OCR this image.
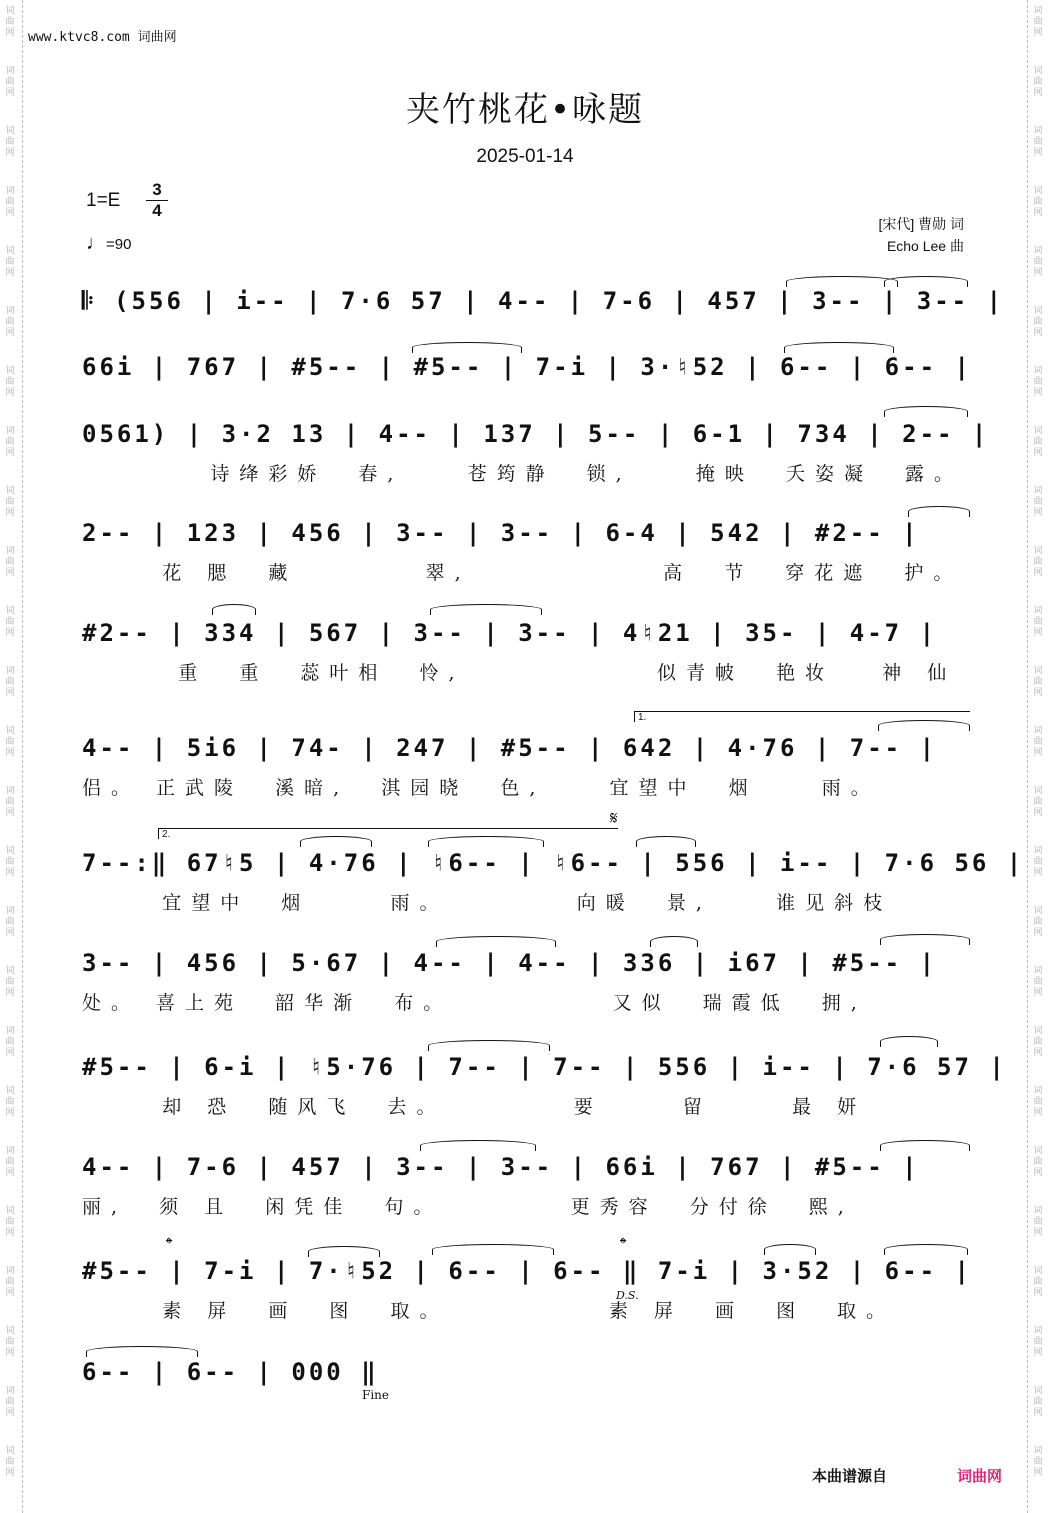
词
曲
网
词
曲
网
词
曲
网
词
曲
网
词
曲
网
词
曲
网
词
曲
网
词
曲
网
词
曲
网
词
曲
网
词
曲
网
词
曲
网
词
曲
网
词
曲
网
词
曲
网
词
曲
网
词
曲
网
词
曲
网
词
曲
网
词
曲
网
词
曲
网
词
曲
网
词
曲
网
词
曲
网
词
曲
网
词
曲
网
词
曲
网
词
曲
网
词
曲
网
词
曲
网
词
曲
网
词
曲
网
词
曲
网
词
曲
网
词
曲
网
词
曲
网
词
曲
网
词
曲
网
词
曲
网
词
曲
网
词
曲
网
词
曲
网
词
曲
网
词
曲
网
词
曲
网
词
曲
网
词
曲
网
词
曲
网
词
曲
网
词
曲
网
www.ktvc8.com 词曲网
夹竹桃花•咏题
2025-01-14
1=E
3
4
♩=90
[宋代] 曹勋 词
Echo Lee 曲
𝄆 (556 | i-- | 7·6 57 | 4-- | 7-6 | 457 | 3-- | 3-- |
66i | 767 | #5-- | #5-- | 7-i | 3·♮52 | 6-- | 6-- |
0561) | 3·2 13 | 4-- | 137 | 5-- | 6-1 | 734 | 2-- |
诗绛彩娇  春,    苍筠静  锁,    掩映  夭姿凝  露。
2-- | 123 | 456 | 3-- | 3-- | 6-4 | 542 | #2-- |
花 腮  藏        翠,            高  节  穿花遮  护。
#2-- | 334 | 567 | 3-- | 3-- | 4♮21 | 35- | 4-7 |
重  重  蕊叶相  怜,            似青帔  艳妆   神 仙
4-- | 5i6 | 74- | 247 | #5-- | 642 | 4·76 | 7-- |
侣。 正武陵  溪暗,  淇园晓  色,    宜望中  烟    雨。
7--:‖ 67♮5 | 4·76 | ♮6-- | ♮6-- | 556 | i-- | 7·6 56 |
宜望中  烟     雨。        向暖  景,    谁见斜枝
3-- | 456 | 5·67 | 4-- | 4-- | 336 | i67 | #5-- |
处。 喜上苑  韶华渐  布。          又似  瑞霞低  拥,
#5-- | 6-i | ♮5·76 | 7-- | 7-- | 556 | i-- | 7·6 57 |
却 恐  随风飞  去。        要     留     最 妍
4-- | 7-6 | 457 | 3-- | 3-- | 66i | 767 | #5-- |
丽,  须 且  闲凭佳  句。        更秀容  分付徐  熙,
#5-- | 7-i | 7·♮52 | 6-- | 6-- ‖ 7-i | 3·52 | 6-- |
素 屏  画  图  取。          素 屏  画  图  取。
6-- | 6-- | 000 ‖
本曲谱源自	词曲网
1.
2.
𝄋
𝄌	𝄌
D.S.
Fine
